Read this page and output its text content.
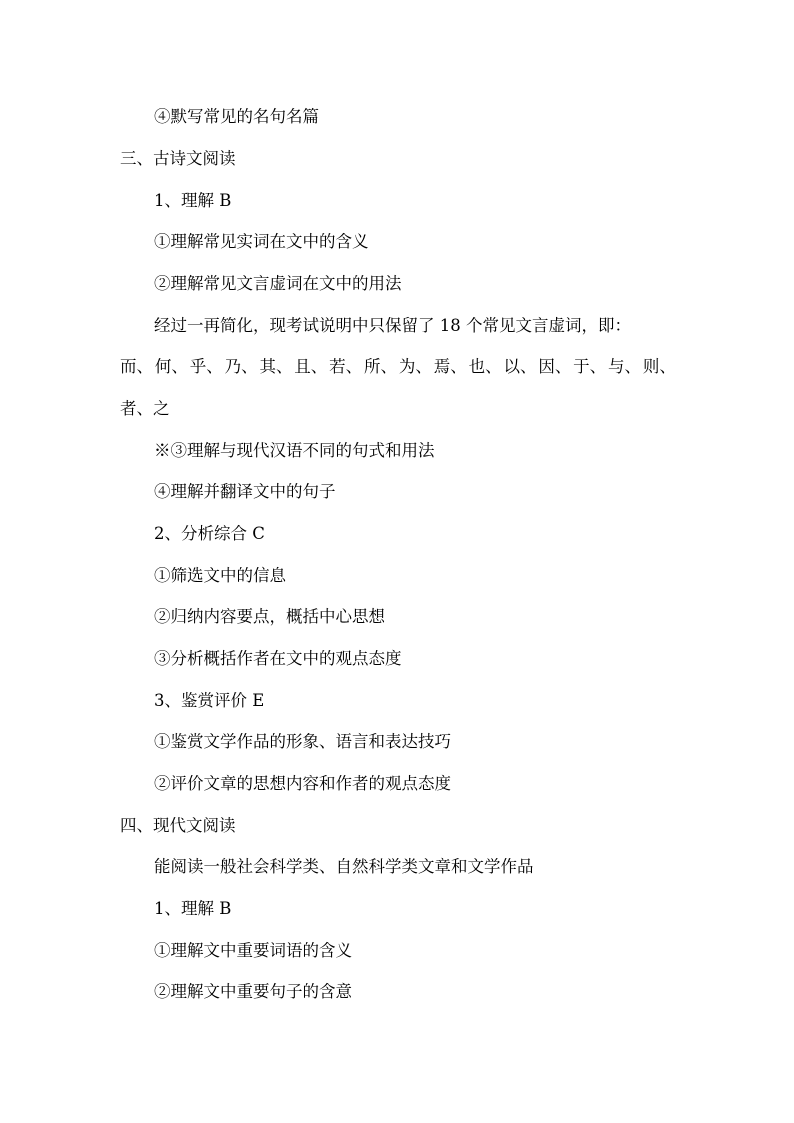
④默写常见的名句名篇
三、古诗文阅读
1、理解 B
①理解常见实词在文中的含义
②理解常见文言虚词在文中的用法
经过一再简化，现考试说明中只保留了 18 个常见文言虚词，即：
而、 何、 乎、 乃、 其、 且、 若、 所、 为、 焉、 也、 以、 因、 于、 与、 则、
者、之
※③理解与现代汉语不同的句式和用法
④理解并翻译文中的句子
2、分析综合 C
①筛选文中的信息
②归纳内容要点，概括中心思想
③分析概括作者在文中的观点态度
3、鉴赏评价 E
①鉴赏文学作品的形象、语言和表达技巧
②评价文章的思想内容和作者的观点态度
四、现代文阅读
能阅读一般社会科学类、自然科学类文章和文学作品
1、理解 B
①理解文中重要词语的含义
②理解文中重要句子的含意
